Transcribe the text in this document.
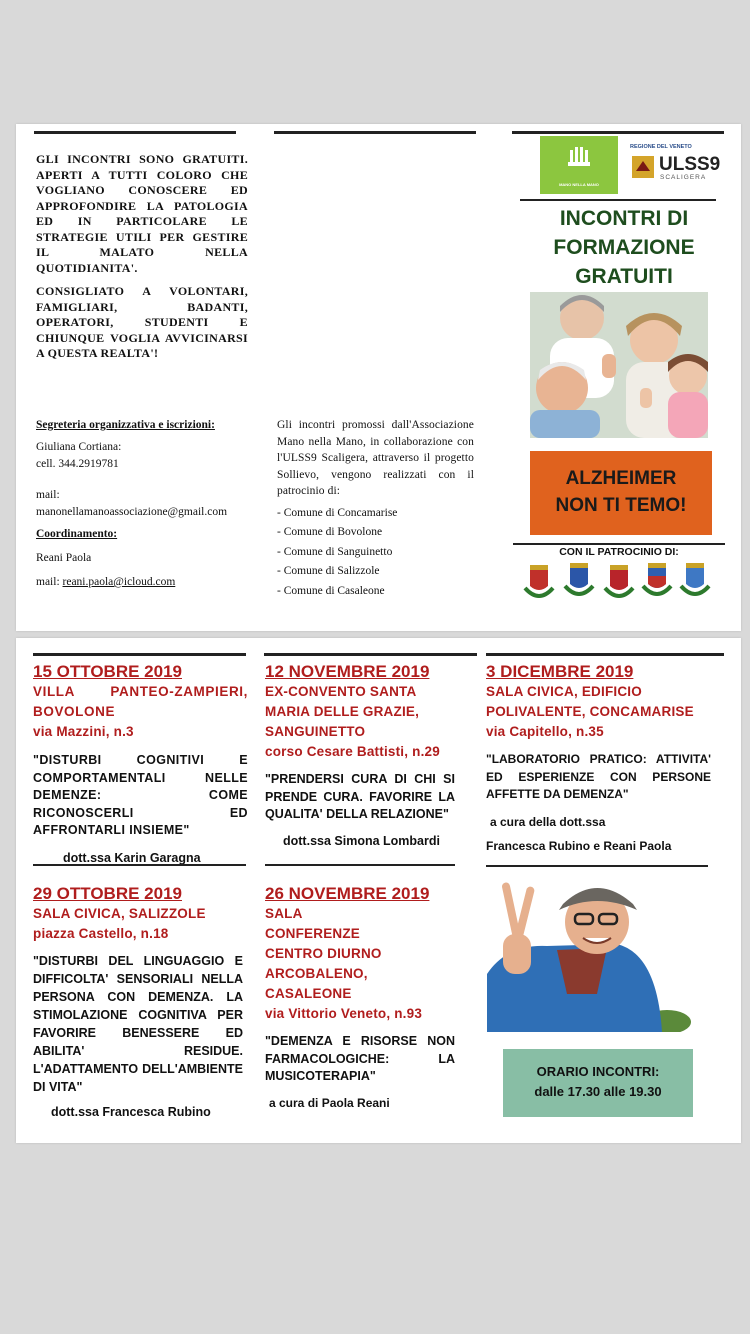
GLI INCONTRI SONO GRATUITI. APERTI A TUTTI COLORO CHE VOGLIANO CONOSCERE ED APPROFONDIRE LA PATOLOGIA ED IN PARTICOLARE LE STRATEGIE UTILI PER GESTIRE IL MALATO NELLA QUOTIDIANITA'.

CONSIGLIATO A VOLONTARI, FAMIGLIARI, BADANTI, OPERATORI, STUDENTI E CHIUNQUE VOGLIA AVVICINARSI A QUESTA REALTA'!

Segreteria organizzativa e iscrizioni:
Giuliana Cortiana:
cell. 344.2919781
mail:
manonellamanoassociazione@gmail.com
Coordinamento:
Reani Paola
mail: reani.paola@icloud.com
Gli incontri promossi dall'Associazione Mano nella Mano, in collaborazione con l'ULSS9 Scaligera, attraverso il progetto Sollievo, vengono realizzati con il patrocinio di:
- Comune di Concamarise
- Comune di Bovolone
- Comune di Sanguinetto
- Comune di Salizzole
- Comune di Casaleone
MANO NELLA MANO
REGIONE DEL VENETO
ULSS9
SCALIGERA
INCONTRI DI
FORMAZIONE
GRATUITI
ALZHEIMER
NON TI TEMO!
CON IL PATROCINIO DI:
15 OTTOBRE 2019
VILLA PANTEO-ZAMPIERI, BOVOLONE
via Mazzini, n.3
"DISTURBI COGNITIVI E COMPORTAMENTALI NELLE DEMENZE: COME RICONOSCERLI ED AFFRONTARLI INSIEME"
dott.ssa Karin Garagna
12 NOVEMBRE 2019
EX-CONVENTO SANTA MARIA DELLE GRAZIE, SANGUINETTO
corso Cesare Battisti, n.29
"PRENDERSI CURA DI CHI SI PRENDE CURA. FAVORIRE LA QUALITA' DELLA RELAZIONE"
dott.ssa Simona Lombardi
3 DICEMBRE 2019
SALA CIVICA, EDIFICIO POLIVALENTE, CONCAMARISE
via Capitello, n.35
"LABORATORIO PRATICO: ATTIVITA' ED ESPERIENZE CON PERSONE AFFETTE DA DEMENZA"
a cura della dott.ssa
Francesca Rubino e Reani Paola
29 OTTOBRE 2019
SALA CIVICA, SALIZZOLE
piazza Castello, n.18
"DISTURBI DEL LINGUAGGIO E DIFFICOLTA' SENSORIALI NELLA PERSONA CON DEMENZA. LA STIMOLAZIONE COGNITIVA PER FAVORIRE BENESSERE ED ABILITA' RESIDUE. L'ADATTAMENTO DELL'AMBIENTE DI VITA"
dott.ssa Francesca Rubino
26 NOVEMBRE 2019
SALA CONFERENZE CENTRO DIURNO ARCOBALENO, CASALEONE
via Vittorio Veneto, n.93
"DEMENZA E RISORSE NON FARMACOLOGICHE: LA MUSICOTERAPIA"
a cura di Paola Reani
ORARIO INCONTRI:
dalle 17.30 alle 19.30
